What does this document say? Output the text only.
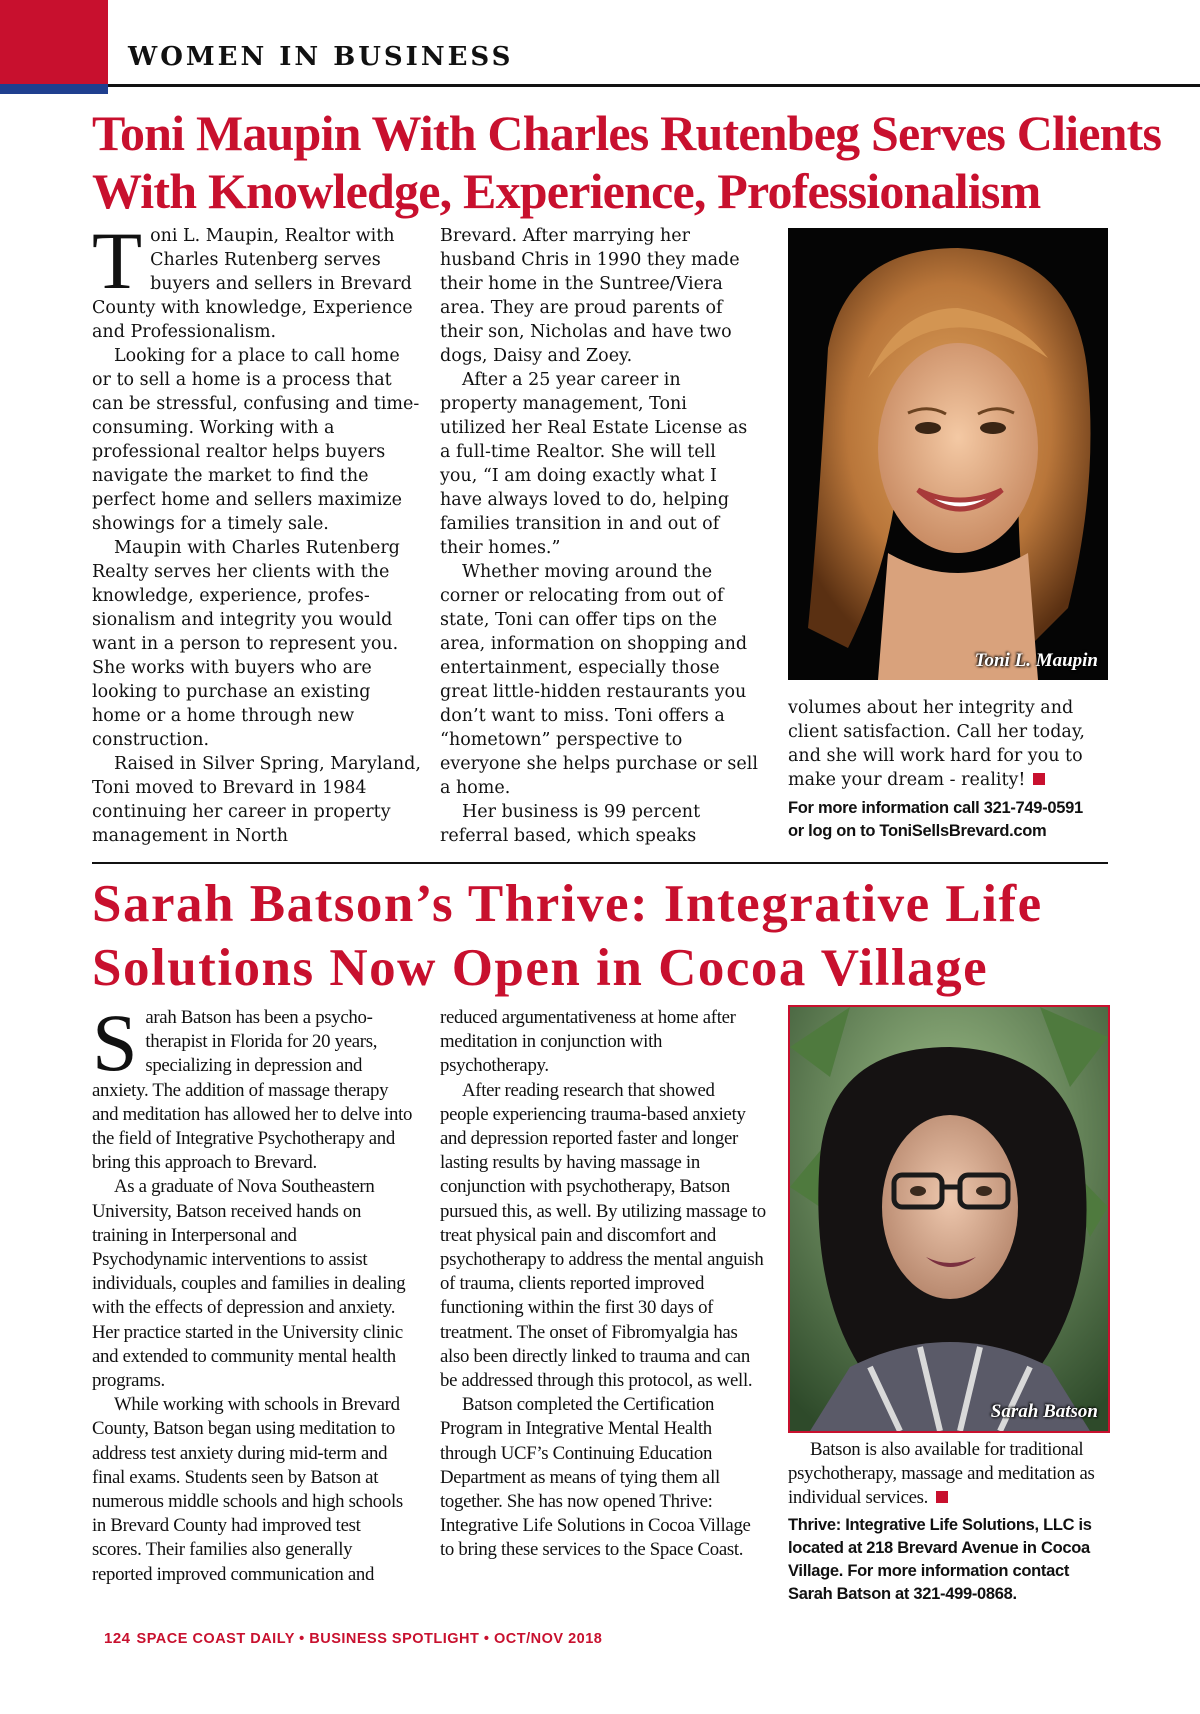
WOMEN IN BUSINESS
Toni Maupin With Charles Rutenbeg Serves Clients
With Knowledge, Experience, Professionalism

Toni L. Maupin, Realtor with Charles Rutenberg serves buyers and sellers in Brevard County with knowledge, Experience and Professionalism.

Looking for a place to call home or to sell a home is a process that can be stressful, confusing and time-consuming. Working with a professional realtor helps buyers navigate the market to find the perfect home and sellers maximize showings for a timely sale.

Maupin with Charles Rutenberg Realty serves her clients with the knowledge, experience, professionalism and integrity you would want in a person to represent you. She works with buyers who are looking to purchase an existing home or a home through new construction.

Raised in Silver Spring, Maryland, Toni moved to Brevard in 1984 continuing her career in property management in North

Brevard. After marrying her husband Chris in 1990 they made their home in the Suntree/Viera area. They are proud parents of their son, Nicholas and have two dogs, Daisy and Zoey.

After a 25 year career in property management, Toni utilized her Real Estate License as a full-time Realtor. She will tell you, “I am doing exactly what I have always loved to do, helping families transition in and out of their homes.”

Whether moving around the corner or relocating from out of state, Toni can offer tips on the area, information on shopping and entertainment, especially those great little-hidden restaurants you don’t want to miss. Toni offers a “hometown” perspective to everyone she helps purchase or sell a home.

Her business is 99 percent referral based, which speaks

Toni L. Maupin

volumes about her integrity and client satisfaction. Call her today, and she will work hard for you to make your dream - reality!

For more information call 321-749-0591
or log on to ToniSellsBrevard.com
Sarah Batson’s Thrive: Integrative Life
Solutions Now Open in Cocoa Village

Sarah Batson has been a psychotherapist in Florida for 20 years, specializing in depression and anxiety. The addition of massage therapy and meditation has allowed her to delve into the field of Integrative Psychotherapy and bring this approach to Brevard.

As a graduate of Nova Southeastern University, Batson received hands on training in Interpersonal and Psychodynamic interventions to assist individuals, couples and families in dealing with the effects of depression and anxiety. Her practice started in the University clinic and extended to community mental health programs.

While working with schools in Brevard County, Batson began using meditation to address test anxiety during mid-term and final exams. Students seen by Batson at numerous middle schools and high schools in Brevard County had improved test scores. Their families also generally reported improved communication and

reduced argumentativeness at home after meditation in conjunction with psychotherapy.

After reading research that showed people experiencing trauma-based anxiety and depression reported faster and longer lasting results by having massage in conjunction with psychotherapy, Batson pursued this, as well. By utilizing massage to treat physical pain and discomfort and psychotherapy to address the mental anguish of trauma, clients reported improved functioning within the first 30 days of treatment. The onset of Fibromyalgia has also been directly linked to trauma and can be addressed through this protocol, as well.

Batson completed the Certification Program in Integrative Mental Health through UCF’s Continuing Education Department as means of tying them all together. She has now opened Thrive: Integrative Life Solutions in Cocoa Village to bring these services to the Space Coast.

Sarah Batson

Batson is also available for traditional psychotherapy, massage and meditation as individual services.

Thrive: Integrative Life Solutions, LLC is located at 218 Brevard Avenue in Cocoa Village. For more information contact Sarah Batson at 321-499-0868.
124 SPACE COAST DAILY • BUSINESS SPOTLIGHT • OCT/NOV 2018
